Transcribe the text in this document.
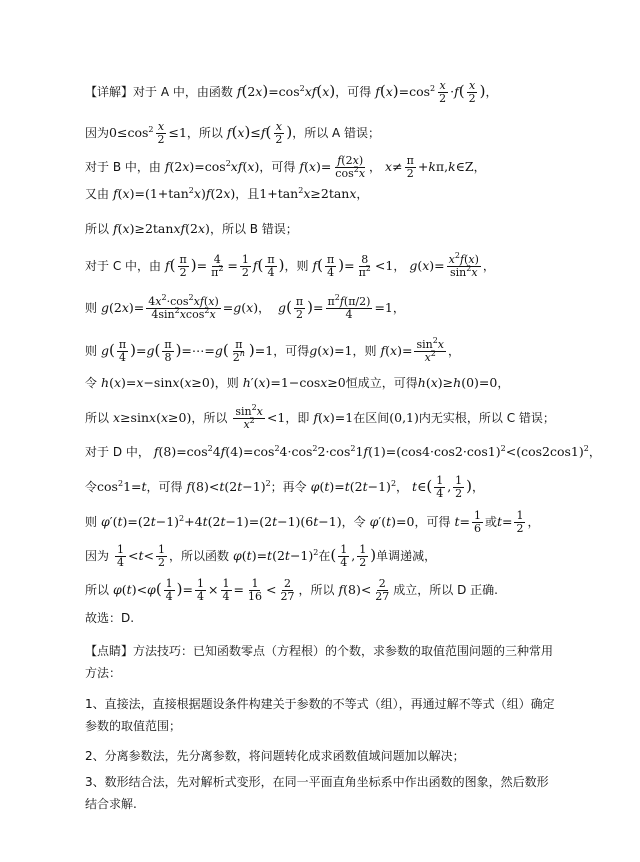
【详解】对于 A 中，由函数 $f(2x)=\cos^2xf(x)$，可得 $f(x)=\cos^2 \frac{x}{2} \cdot f( \frac{x}{2}$ )，
因为$0\le\cos^2 \frac{x}{2} \le 1$，所以 $f(x)\le f( \frac{x}{2}$ )，所以 A 错误；
对于 B 中，由 $f(2x)=\cos^2xf(x)$，可得 $f(x)= \frac{f(2x)}{\cos^2x}$ ， $x\ne \frac{\pi}{2}$ +kπ,k∈Z，
又由 $f(x)=(1+\tan^2x)f(2x)$，且$1+\tan^2x\ge 2\tan x$，
所以 f(x)≥2tanxf(2x)，所以 B 错误；
对于 C 中，由 $f( \frac{\pi}{2}$ )= $\frac{4}{\pi^2} = \frac{1}{2} f( \frac{\pi}{4}$ )，则 $f( \frac{\pi}{4}$ )= $\frac{8}{\pi^2} <1$， $g(x)= \frac{x^2f(x)}{\sin^2x}$ ，
则 $g(2x)= \frac{4x^2\cdot\cos^2xf(x)}{4\sin^2xcos^2x} =g(x)$， $g( \frac{\pi}{2}$ )= $\frac{\pi^2f(\pi/2)}{4} =1$，
则 $g( \frac{\pi}{4} )=g( \frac{\pi}{8}$ )=⋯=g( $\frac{\pi}{2^n} )=1$，可得g(x)=1，则 $f(x)= \frac{\sin^2x}{x^2}$ ，
令 h(x)=x−sinx(x≥0)，则 h′(x)=1−cosx≥0恒成立，可得h(x)≥h(0)=0，
所以 x≥sinx(x≥0)，所以 $\frac{\sin^2x}{x^2} <1$，即 f(x)=1在区间(0,1)内无实根，所以 C 错误；
对于 D 中， $f(8)=\cos^24f(4)=\cos^24\cdot\cos^22\cdot\cos^21f(1)=(\cos 4\cdot\cos 2\cdot\cos 1)^2<(\cos 2\cos 1)^2$，
令$\cos^21=t$，可得 $f(8)<t(2t-1)^2$；再令 $\varphi(t)=t(2t-1)^2$， t∈( $\frac{1}{4}$ , $\frac{1}{2}$ )，
则 $\varphi'(t)=(2t-1)^2+4t(2t-1)=(2t-1)(6t-1)$，令 φ′(t)=0，可得 $t= \frac{1}{6}$ 或$t= \frac{1}{2}$ ，
因为 $\frac{1}{4} <t< \frac{1}{2}$ ，所以函数 $\varphi(t)=t(2t-1)^2$在( $\frac{1}{4}$ , $\frac{1}{2}$ )单调递减，
所以 $\varphi(t)<\varphi( \frac{1}{4}$ )= $\frac{1}{4} \times \frac{1}{4} = \frac{1}{16} < \frac{2}{27}$ ，所以 $f(8)< \frac{2}{27}$ 成立，所以 D 正确.
故选：D.
【点睛】方法技巧：已知函数零点（方程根）的个数，求参数的取值范围问题的三种常用方法：
1、直接法，直接根据题设条件构建关于参数的不等式（组），再通过解不等式（组）确定参数的取值范围；
2、分离参数法，先分离参数，将问题转化成求函数值域问题加以解决；
3、数形结合法，先对解析式变形，在同一平面直角坐标系中作出函数的图象，然后数形结合求解.
